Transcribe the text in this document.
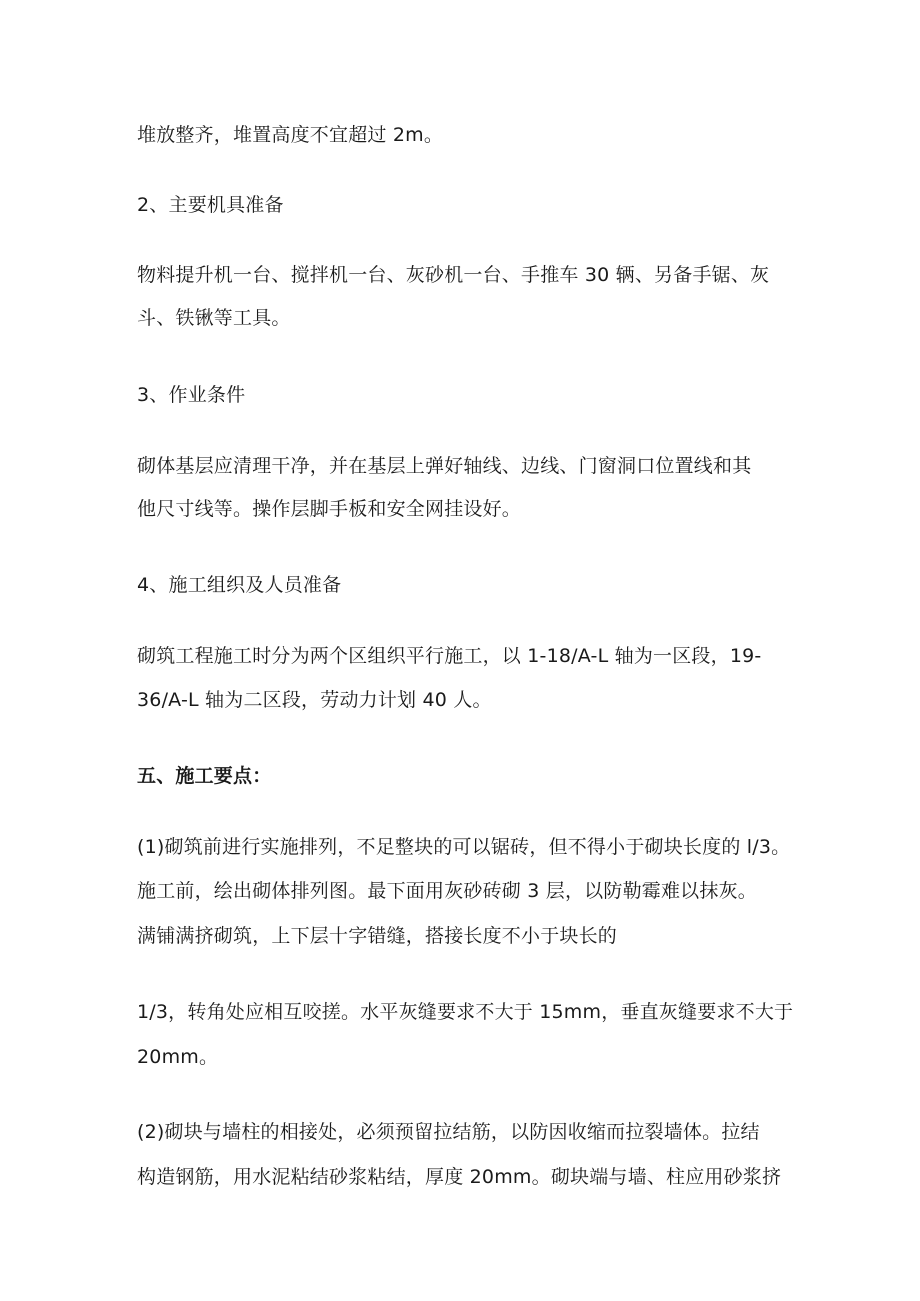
堆放整齐，堆置高度不宜超过 2m。
2、主要机具准备
物料提升机一台、搅拌机一台、灰砂机一台、手推车 30 辆、另备手锯、灰
斗、铁锹等工具。
3、作业条件
砌体基层应清理干净，并在基层上弹好轴线、边线、门窗洞口位置线和其
他尺寸线等。操作层脚手板和安全网挂设好。
4、施工组织及人员准备
砌筑工程施工时分为两个区组织平行施工，以 1-18/A-L 轴为一区段，19-
36/A-L 轴为二区段，劳动力计划 40 人。
五、施工要点：
(1)砌筑前进行实施排列，不足整块的可以锯砖，但不得小于砌块长度的 l/3。
施工前，绘出砌体排列图。最下面用灰砂砖砌 3 层，以防勒霉难以抹灰。
满铺满挤砌筑，上下层十字错缝，搭接长度不小于块长的
1/3，转角处应相互咬搓。水平灰缝要求不大于 15mm，垂直灰缝要求不大于
20mm。
(2)砌块与墙柱的相接处，必须预留拉结筋，以防因收缩而拉裂墙体。拉结
构造钢筋，用水泥粘结砂浆粘结，厚度 20mm。砌块端与墙、柱应用砂浆挤
